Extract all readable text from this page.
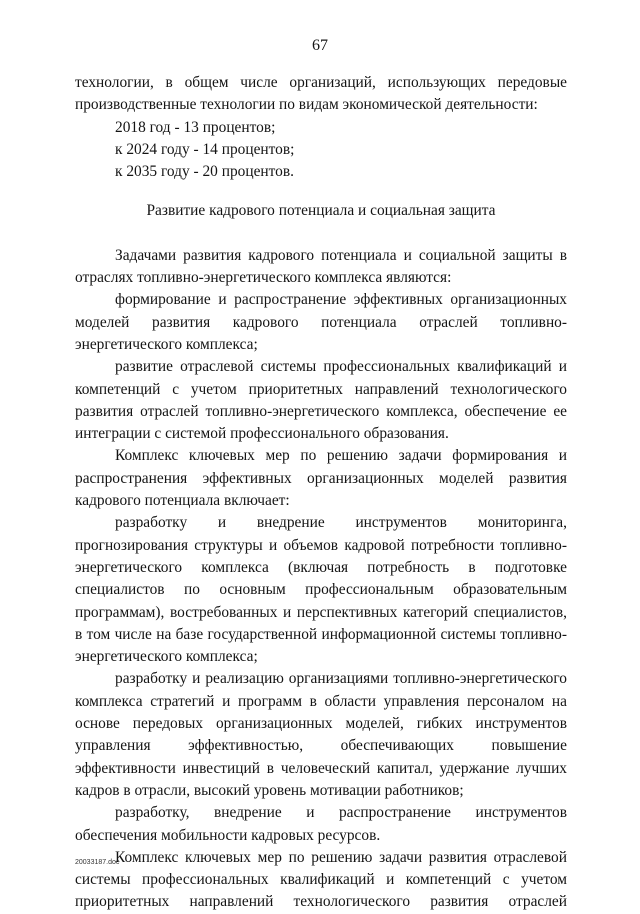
67

технологии, в общем числе организаций, использующих передовые

производственные технологии по видам экономической деятельности:

2018 год - 13 процентов;

к 2024 году - 14 процентов;

к 2035 году - 20 процентов.

Развитие кадрового потенциала и социальная защита

Задачами развития кадрового потенциала и социальной защиты в отраслях топливно-энергетического комплекса являются:

формирование и распространение эффективных организационных моделей развития кадрового потенциала отраслей топливно-энергетического комплекса;

развитие отраслевой системы профессиональных квалификаций и компетенций с учетом приоритетных направлений технологического развития отраслей топливно-энергетического комплекса, обеспечение ее интеграции с системой профессионального образования.

Комплекс ключевых мер по решению задачи формирования и распространения эффективных организационных моделей развития кадрового потенциала включает:

разработку и внедрение инструментов мониторинга, прогнозирования структуры и объемов кадровой потребности топливно-энергетического комплекса (включая потребность в подготовке специалистов по основным профессиональным образовательным программам), востребованных и перспективных категорий специалистов, в том числе на базе государственной информационной системы топливно-энергетического комплекса;

разработку и реализацию организациями топливно-энергетического комплекса стратегий и программ в области управления персоналом на основе передовых организационных моделей, гибких инструментов управления эффективностью, обеспечивающих повышение эффективности инвестиций в человеческий капитал, удержание лучших кадров в отрасли, высокий уровень мотивации работников;

разработку, внедрение и распространение инструментов обеспечения мобильности кадровых ресурсов.

Комплекс ключевых мер по решению задачи развития отраслевой системы профессиональных квалификаций и компетенций с учетом приоритетных направлений технологического развития отраслей

20033187.doc
